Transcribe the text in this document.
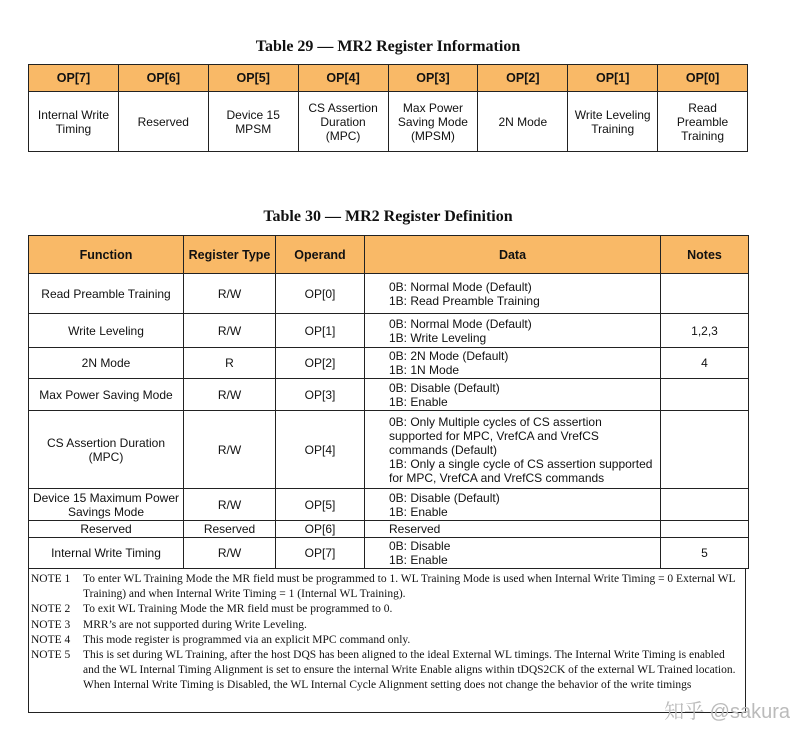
Table 29 — MR2 Register Information
OP[7]	OP[6]	OP[5]	OP[4]	OP[3]	OP[2]	OP[1]	OP[0]
Internal Write Timing	Reserved	Device 15 MPSM	CS Assertion Duration (MPC)	Max Power Saving Mode (MPSM)	2N Mode	Write Leveling Training	Read Preamble Training
Table 30 — MR2 Register Definition
Function	Register Type	Operand	Data	Notes
Read Preamble Training	R/W	OP[0]	0B: Normal Mode (Default)
1B: Read Preamble Training	

Write Leveling	R/W	OP[1]	0B: Normal Mode (Default)
1B: Write Leveling	1,2,3
2N Mode	R	OP[2]	0B: 2N Mode (Default)
1B: 1N Mode	4
Max Power Saving Mode	R/W	OP[3]	0B: Disable (Default)
1B: Enable	

CS Assertion Duration (MPC)	R/W	OP[4]	0B: Only Multiple cycles of CS assertion supported for MPC, VrefCA and VrefCS commands (Default)
1B: Only a single cycle of CS assertion supported for MPC, VrefCA and VrefCS commands	

Device 15 Maximum Power Savings Mode	R/W	OP[5]	0B: Disable (Default)
1B: Enable	

Reserved	Reserved	OP[6]	Reserved	

Internal Write Timing	R/W	OP[7]	0B: Disable
1B: Enable	5
NOTE 1	To enter WL Training Mode the MR field must be programmed to 1. WL Training Mode is used when Internal Write Timing = 0 External WL Training) and when Internal Write Timing = 1 (Internal WL Training).
NOTE 2	To exit WL Training Mode the MR field must be programmed to 0.
NOTE 3	MRR’s are not supported during Write Leveling.
NOTE 4	This mode register is programmed via an explicit MPC command only.
NOTE 5	This is set during WL Training, after the host DQS has been aligned to the ideal External WL timings. The Internal Write Timing is enabled and the WL Internal Timing Alignment is set to ensure the internal Write Enable aligns within tDQS2CK of the external WL Trained location. When Internal Write Timing is Disabled, the WL Internal Cycle Alignment setting does not change the behavior of the write timings
知乎 @sakura
